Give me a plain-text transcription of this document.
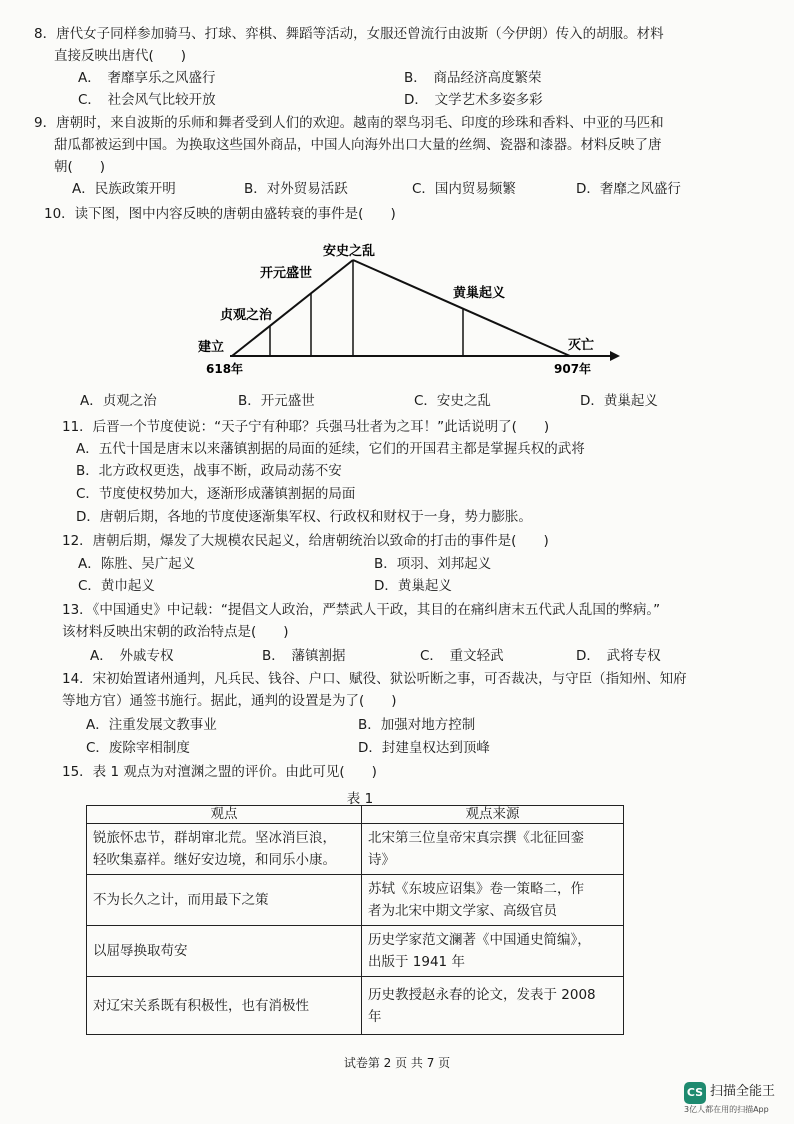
8．唐代女子同样参加骑马、打球、弈棋、舞蹈等活动，女服还曾流行由波斯（今伊朗）传入的胡服。材料
直接反映出唐代(　　)
A．　奢靡享乐之风盛行	B．　商品经济高度繁荣
C．　社会风气比较开放	D．　文学艺术多姿多彩
9．唐朝时，来自波斯的乐师和舞者受到人们的欢迎。越南的翠鸟羽毛、印度的珍珠和香料、中亚的马匹和
甜瓜都被运到中国。为换取这些国外商品，中国人向海外出口大量的丝绸、瓷器和漆器。材料反映了唐
朝(　　)
A．民族政策开明	B．对外贸易活跃	C．国内贸易频繁	D．奢靡之风盛行
10．读下图，图中内容反映的唐朝由盛转衰的事件是(　　)
建立
贞观之治
开元盛世
安史之乱
黄巢起义
灭亡
618年	907年
A．贞观之治	B．开元盛世	C．安史之乱	D．黄巢起义
11．后晋一个节度使说：“天子宁有种耶？兵强马壮者为之耳！”此话说明了(　　)
A．五代十国是唐末以来藩镇割据的局面的延续，它们的开国君主都是掌握兵权的武将
B．北方政权更迭，战事不断，政局动荡不安
C．节度使权势加大，逐渐形成藩镇割据的局面
D．唐朝后期，各地的节度使逐渐集军权、行政权和财权于一身，势力膨胀。
12．唐朝后期，爆发了大规模农民起义，给唐朝统治以致命的打击的事件是(　　)
A．陈胜、吴广起义	B．项羽、刘邦起义
C．黄巾起义	D．黄巢起义
13．《中国通史》中记载：“提倡文人政治，严禁武人干政，其目的在痛纠唐末五代武人乱国的弊病。”
该材料反映出宋朝的政治特点是(　　)
A．　外戚专权	B．　藩镇割据	C．　重文轻武	D．　武将专权
14．宋初始置诸州通判，凡兵民、钱谷、户口、赋役、狱讼听断之事，可否裁决，与守臣（指知州、知府
等地方官）通签书施行。据此，通判的设置是为了(　　)
A．注重发展文教事业	B．加强对地方控制
C．废除宰相制度	D．封建皇权达到顶峰
15．表 1 观点为对澶渊之盟的评价。由此可见(　　)
表 1
观点	观点来源

锐旅怀忠节，群胡窜北荒。坚冰消巨浪，轻吹集嘉祥。继好安边境，和同乐小康。	北宋第三位皇帝宋真宗撰《北征回銮诗》

不为长久之计，而用最下之策	苏轼《东坡应诏集》卷一策略二，作者为北宋中期文学家、高级官员

以屈辱换取苟安	历史学家范文澜著《中国通史简编》，出版于 1941 年

对辽宋关系既有积极性，也有消极性	历史教授赵永春的论文，发表于 2008 年
试卷第 2 页 共 7 页
CS 扫描全能王
3亿人都在用的扫描App
